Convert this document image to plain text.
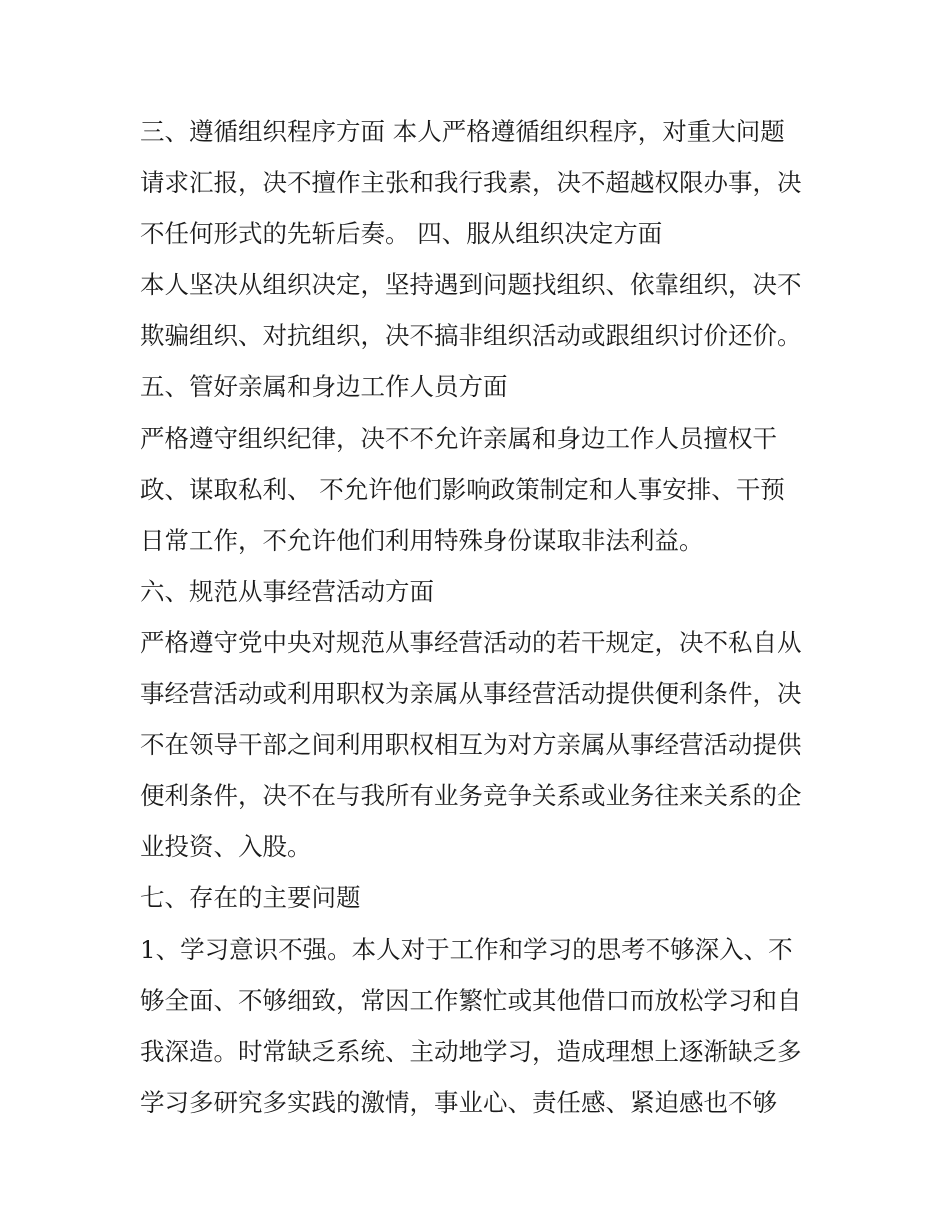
三、遵循组织程序方面 本人严格遵循组织程序，对重大问题
请求汇报，决不擅作主张和我行我素，决不超越权限办事，决
不任何形式的先斩后奏。 四、服从组织决定方面
本人坚决从组织决定，坚持遇到问题找组织、依靠组织，决不
欺骗组织、对抗组织，决不搞非组织活动或跟组织讨价还价。
五、管好亲属和身边工作人员方面
严格遵守组织纪律，决不不允许亲属和身边工作人员擅权干
政、谋取私利、 不允许他们影响政策制定和人事安排、干预
日常工作，不允许他们利用特殊身份谋取非法利益。
六、规范从事经营活动方面
严格遵守党中央对规范从事经营活动的若干规定，决不私自从
事经营活动或利用职权为亲属从事经营活动提供便利条件，决
不在领导干部之间利用职权相互为对方亲属从事经营活动提供
便利条件，决不在与我所有业务竞争关系或业务往来关系的企
业投资、入股。
七、存在的主要问题
1、学习意识不强。本人对于工作和学习的思考不够深入、不
够全面、不够细致，常因工作繁忙或其他借口而放松学习和自
我深造。时常缺乏系统、主动地学习，造成理想上逐渐缺乏多
学习多研究多实践的激情，事业心、责任感、紧迫感也不够
